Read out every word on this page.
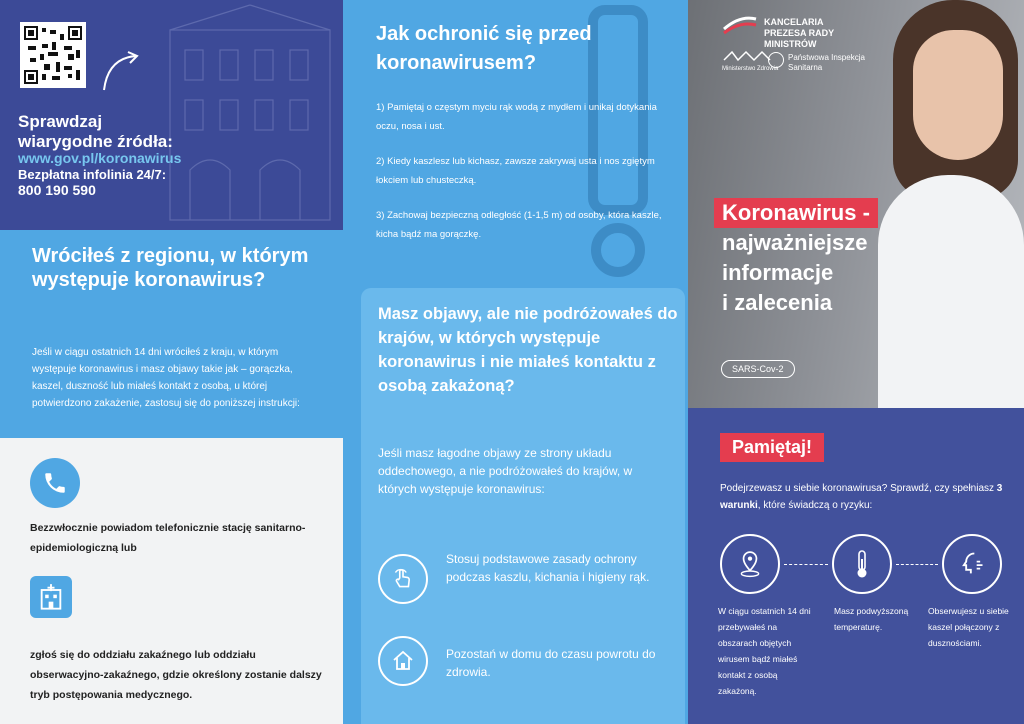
Sprawdzaj wiarygodne źródła:
www.gov.pl/koronawirus
Bezpłatna infolinia 24/7:
800 190 590
Wróciłeś z regionu, w którym występuje koronawirus?

Jeśli w ciągu ostatnich 14 dni wróciłeś z kraju, w którym występuje koronawirus i masz objawy takie jak – gorączka, kaszel, duszność lub miałeś kontakt z osobą, u której potwierdzono zakażenie, zastosuj się do poniższej instrukcji:

Bezzwłocznie powiadom telefonicznie stację sanitarno-epidemiologiczną lub
zgłoś się do oddziału zakaźnego lub oddziału obserwacyjno-zakaźnego, gdzie określony zostanie dalszy tryb postępowania medycznego.
Jak ochronić się przed koronawirusem?
1) Pamiętaj o częstym myciu rąk wodą z mydłem i unikaj dotykania oczu, nosa i ust.
2) Kiedy kaszlesz lub kichasz, zawsze zakrywaj usta i nos zgiętym łokciem lub chusteczką.
3) Zachowaj bezpieczną odległość (1-1,5 m) od osoby, która kaszle, kicha bądź ma gorączkę.
Masz objawy, ale nie podróżowałeś do krajów, w których występuje koronawirus i nie miałeś kontaktu z osobą zakażoną?
Jeśli masz łagodne objawy ze strony układu oddechowego, a nie podróżowałeś do krajów, w których występuje koronawirus:
Stosuj podstawowe zasady ochrony podczas kaszlu, kichania i higieny rąk.
Pozostań w domu do czasu powrotu do zdrowia.
KANCELARIA PREZESA RADY MINISTRÓW
Ministerstwo Zdrowia
Państwowa Inspekcja Sanitarna
Koronawirus -
najważniejsze
informacje
i zalecenia
SARS-Cov-2
Pamiętaj!
Podejrzewasz u siebie koronawirusa? Sprawdź, czy spełniasz 3 warunki, które świadczą o ryzyku:
W ciągu ostatnich 14 dni przebywałeś na obszarach objętych wirusem bądź miałeś kontakt z osobą zakażoną.
Masz podwyższoną temperaturę.
Obserwujesz u siebie kaszel połączony z dusznościami.
